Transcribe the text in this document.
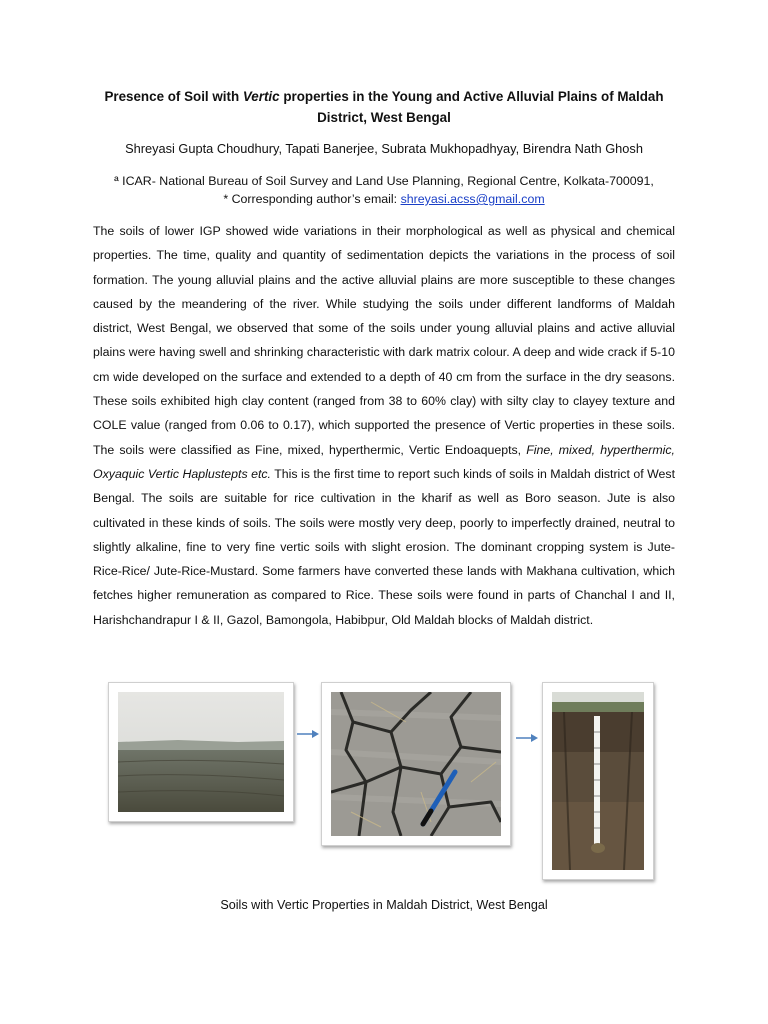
Presence of Soil with Vertic properties in the Young and Active Alluvial Plains of Maldah District, West Bengal
Shreyasi Gupta Choudhury, Tapati Banerjee, Subrata Mukhopadhyay, Birendra Nath Ghosh
ª ICAR- National Bureau of Soil Survey and Land Use Planning, Regional Centre, Kolkata-700091,
* Corresponding author’s email: shreyasi.acss@gmail.com
The soils of lower IGP showed wide variations in their morphological as well as physical and chemical properties. The time, quality and quantity of sedimentation depicts the variations in the process of soil formation. The young alluvial plains and the active alluvial plains are more susceptible to these changes caused by the meandering of the river. While studying the soils under different landforms of Maldah district, West Bengal, we observed that some of the soils under young alluvial plains and active alluvial plains were having swell and shrinking characteristic with dark matrix colour. A deep and wide crack if 5-10 cm wide developed on the surface and extended to a depth of 40 cm from the surface in the dry seasons. These soils exhibited high clay content (ranged from 38 to 60% clay) with silty clay to clayey texture and COLE value (ranged from 0.06 to 0.17), which supported the presence of Vertic properties in these soils. The soils were classified as Fine, mixed, hyperthermic, Vertic Endoaquepts, Fine, mixed, hyperthermic, Oxyaquic Vertic Haplustepts etc. This is the first time to report such kinds of soils in Maldah district of West Bengal. The soils are suitable for rice cultivation in the kharif as well as Boro season. Jute is also cultivated in these kinds of soils. The soils were mostly very deep, poorly to imperfectly drained, neutral to slightly alkaline, fine to very fine vertic soils with slight erosion. The dominant cropping system is Jute-Rice-Rice/ Jute-Rice-Mustard. Some farmers have converted these lands with Makhana cultivation, which fetches higher remuneration as compared to Rice. These soils were found in parts of Chanchal I and II, Harishchandrapur I & II, Gazol, Bamongola, Habibpur, Old Maldah blocks of Maldah district.
Soils with Vertic Properties in Maldah District, West Bengal
